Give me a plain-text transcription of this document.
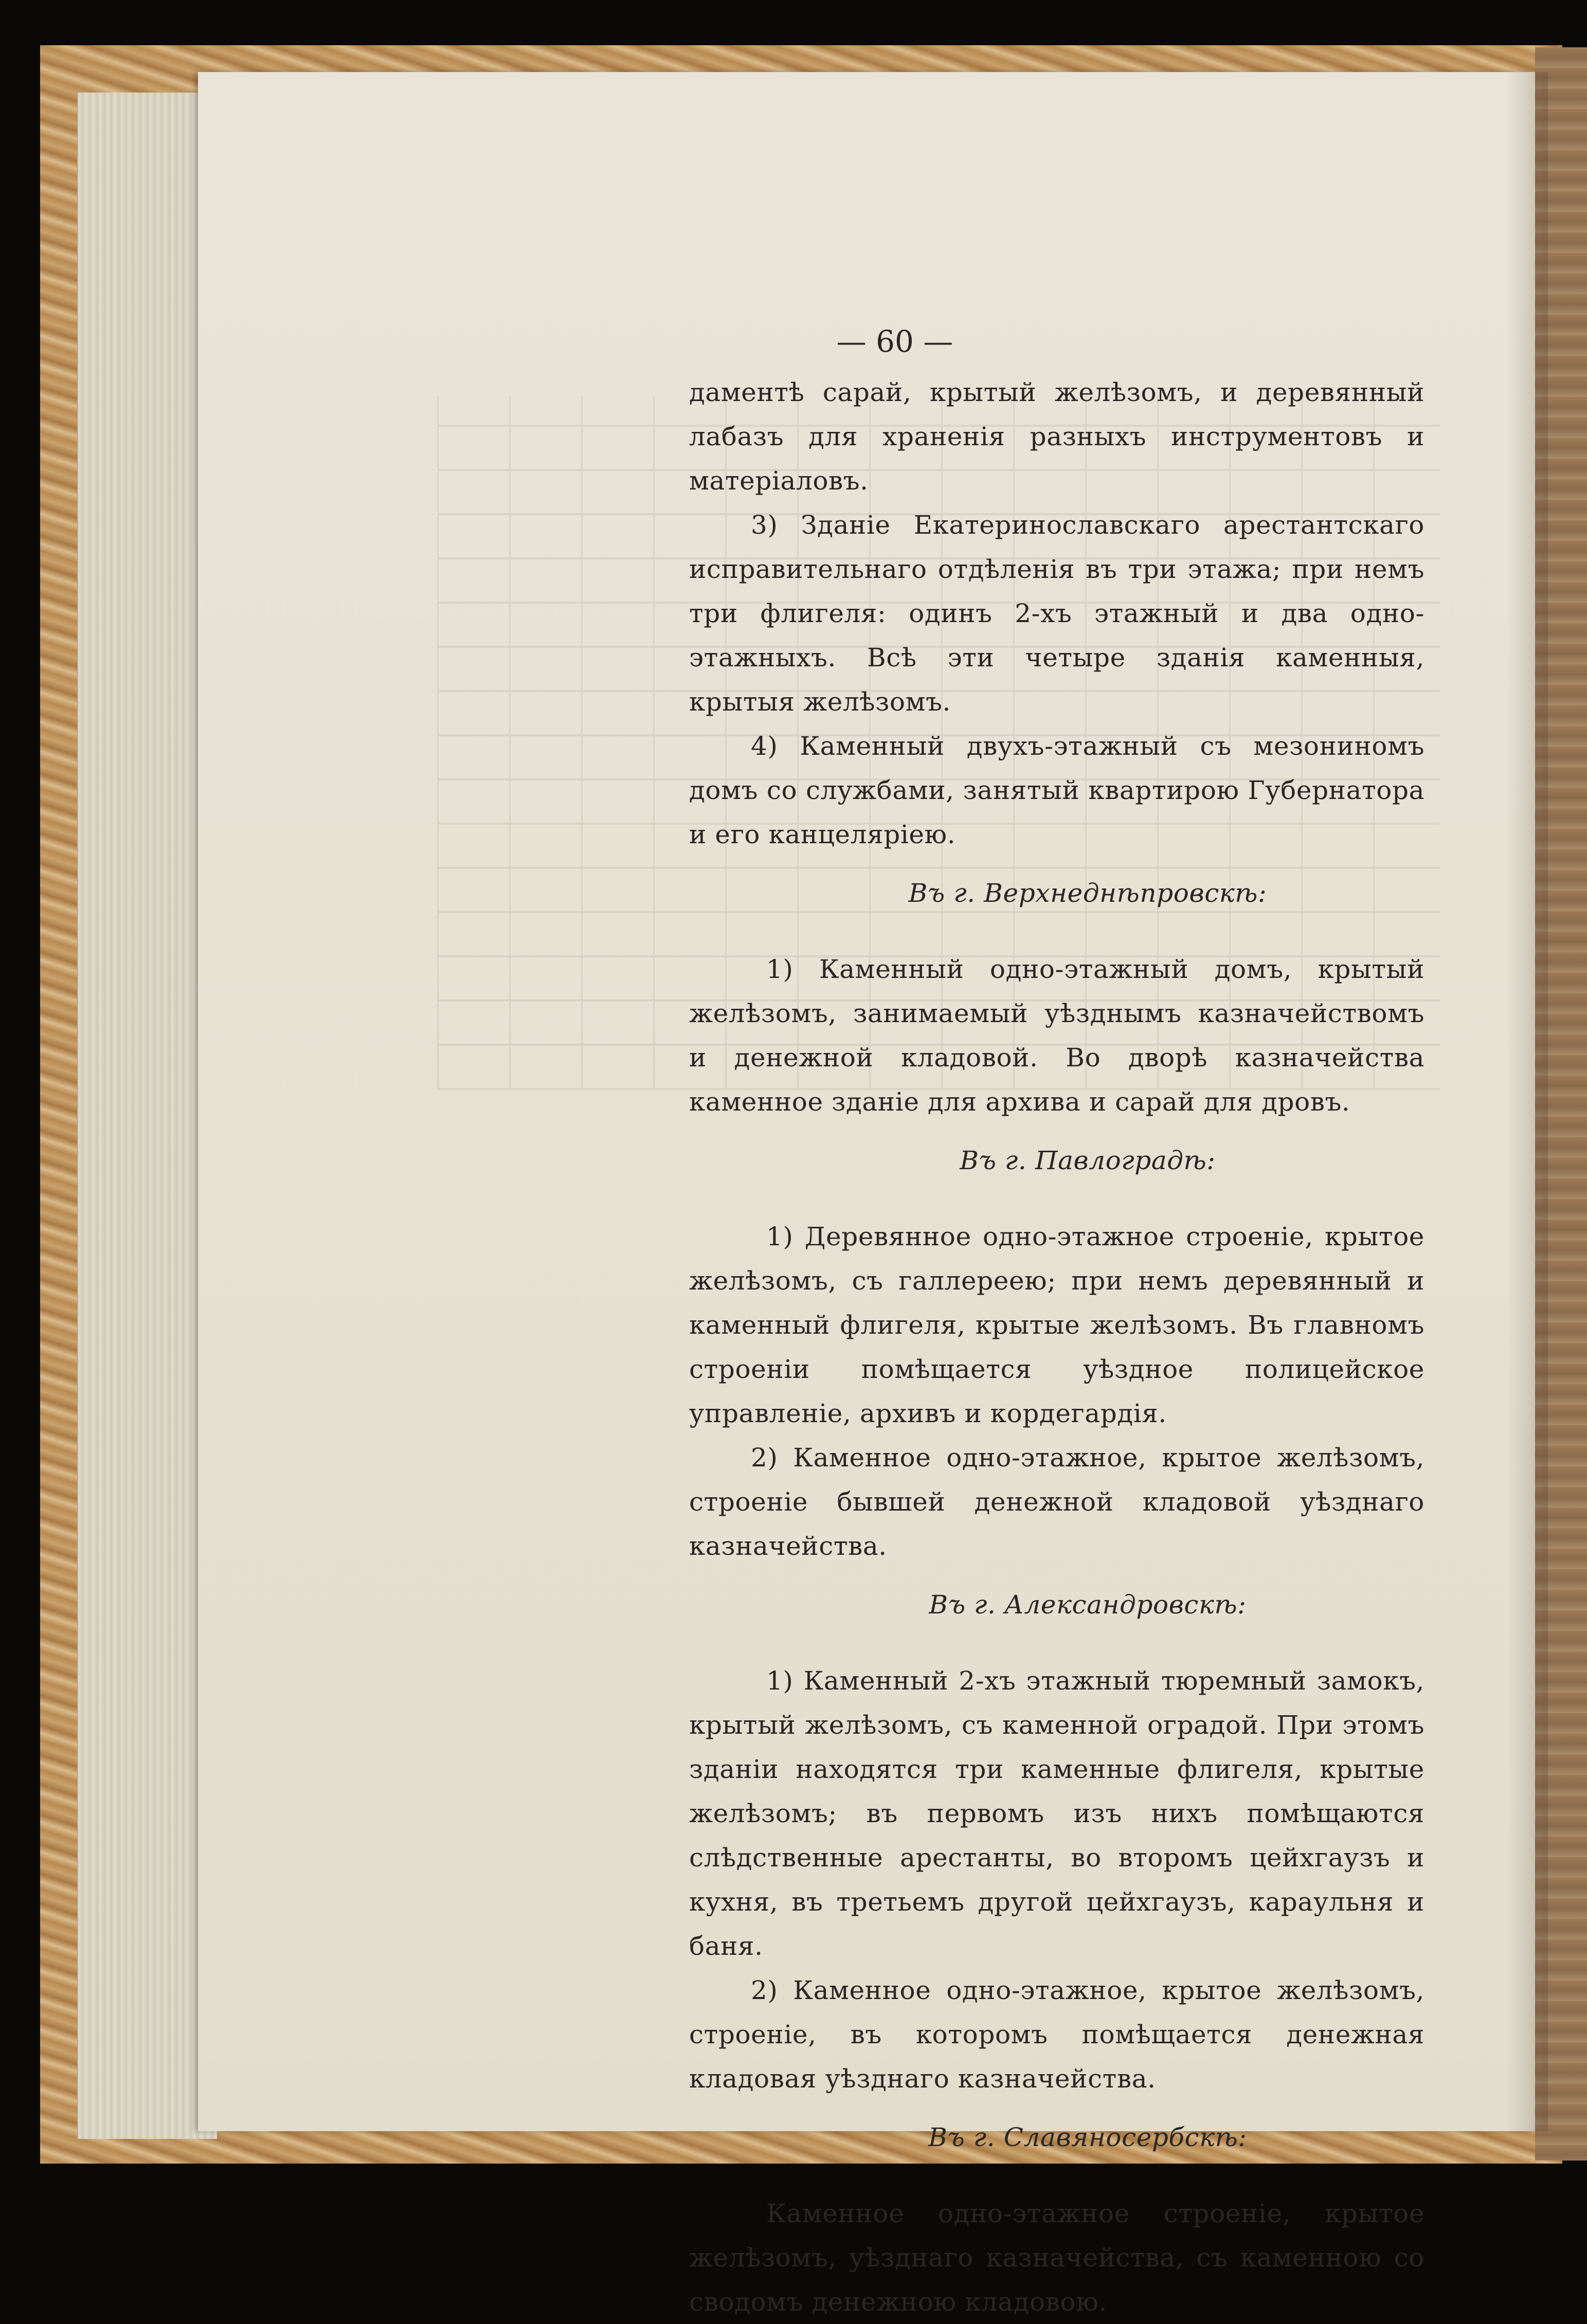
— 60 —

даментѣ сарай, крытый желѣзомъ, и деревянный лабазъ для храненія разныхъ инструментовъ и матеріаловъ.

3) Зданіе Екатеринославскаго арестантскаго исправительнаго отдѣленія въ три этажа; при немъ три флигеля: одинъ 2-хъ этажный и два одно-этажныхъ. Всѣ эти четыре зданія каменныя, крытыя желѣзомъ.

4) Каменный двухъ-этажный съ мезониномъ домъ со службами, занятый квартирою Губернатора и его канцеляріею.

Въ г. Верхнеднѣпровскѣ:

1) Каменный одно-этажный домъ, крытый желѣзомъ, занимаемый уѣзднымъ казначействомъ и денежной кладовой. Во дворѣ казначейства каменное зданіе для архива и сарай для дровъ.

Въ г. Павлоградѣ:

1) Деревянное одно-этажное строеніе, крытое желѣзомъ, съ галлереею; при немъ деревянный и каменный флигеля, крытые желѣзомъ. Въ главномъ строеніи помѣщается уѣздное полицейское управленіе, архивъ и кордегардія.

2) Каменное одно-этажное, крытое желѣзомъ, строеніе бывшей денежной кладовой уѣзднаго казначейства.

Въ г. Александровскѣ:

1) Каменный 2-хъ этажный тюремный замокъ, крытый желѣзомъ, съ каменной оградой. При этомъ зданіи находятся три каменные флигеля, крытые желѣзомъ; въ первомъ изъ нихъ помѣщаются слѣдственные арестанты, во второмъ цейхгаузъ и кухня, въ третьемъ другой цейхгаузъ, караульня и баня.

2) Каменное одно-этажное, крытое желѣзомъ, строеніе, въ которомъ помѣщается денежная кладовая уѣзднаго казначейства.

Въ г. Славяносербскѣ:

Каменное одно-этажное строеніе, крытое желѣзомъ, уѣзднаго казначейства, съ каменною со сводомъ денежною кладовою.
